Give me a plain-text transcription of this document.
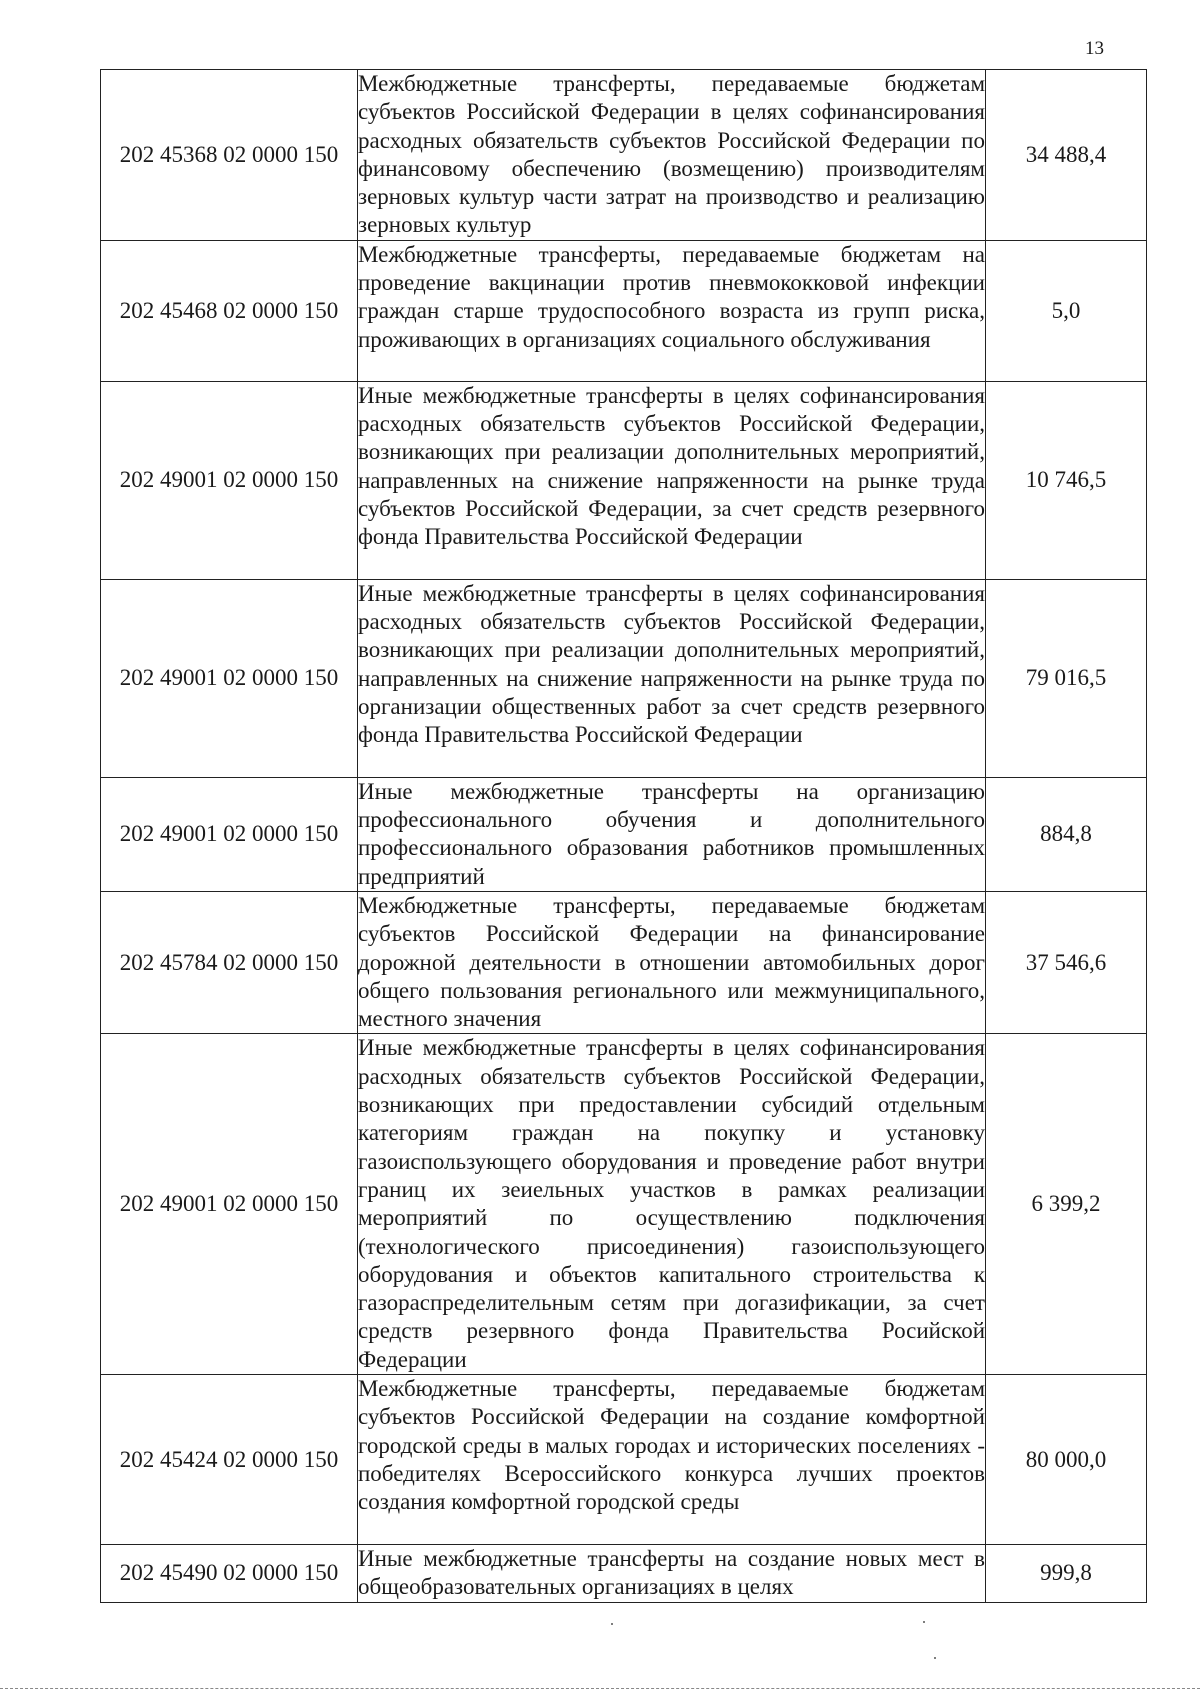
13
202 45368 02 0000 150	Межбюджетные трансферты, передаваемые бюджетам субъектов Российской Федерации в целях софинансирования расходных обязательств субъектов Российской Федерации по финансовому обеспечению (возмещению) производителям зерновых культур части затрат на производство и реализацию зерновых культур	34 488,4
202 45468 02 0000 150	Межбюджетные трансферты, передаваемые бюджетам на проведение вакцинации против пневмококковой инфекции граждан старше трудоспособного возраста из групп риска, проживающих в организациях социального обслуживания	5,0
202 49001 02 0000 150	Иные межбюджетные трансферты в целях софинансирования расходных обязательств субъектов Российской Федерации, возникающих при реализации дополнительных мероприятий, направленных на снижение напряженности на рынке труда субъектов Российской Федерации, за счет средств резервного фонда Правительства Российской Федерации	10 746,5
202 49001 02 0000 150	Иные межбюджетные трансферты в целях софинансирования расходных обязательств субъектов Российской Федерации, возникающих при реализации дополнительных мероприятий, направленных на снижение напряженности на рынке труда по организации общественных работ за счет средств резервного фонда Правительства Российской Федерации	79 016,5
202 49001 02 0000 150	Иные межбюджетные трансферты на организацию профессионального обучения и дополнительного профессионального образования работников промышленных предприятий	884,8
202 45784 02 0000 150	Межбюджетные трансферты, передаваемые бюджетам субъектов Российской Федерации на финансирование дорожной деятельности в отношении автомобильных дорог общего пользования регионального или межмуниципального, местного значения	37 546,6
202 49001 02 0000 150	Иные межбюджетные трансферты в целях софинансирования расходных обязательств субъектов Российской Федерации, возникающих при предоставлении субсидий отдельным категориям граждан на покупку и установку газоиспользующего оборудования и проведение работ внутри границ их зеиельных участков в рамках реализации мероприятий по осуществлению подключения (технологического присоединения) газоиспользующего оборудования и объектов капитального строительства к газораспределительным сетям при догазификации, за счет средств резервного фонда Правительства Росийской Федерации	6 399,2
202 45424 02 0000 150	Межбюджетные трансферты, передаваемые бюджетам субъектов Российской Федерации на создание комфортной городской среды в малых городах и исторических поселениях - победителях Всероссийского конкурса лучших проектов создания комфортной городской среды	80 000,0
202 45490 02 0000 150	Иные межбюджетные трансферты на создание новых мест в общеобразовательных организациях в целях	999,8
